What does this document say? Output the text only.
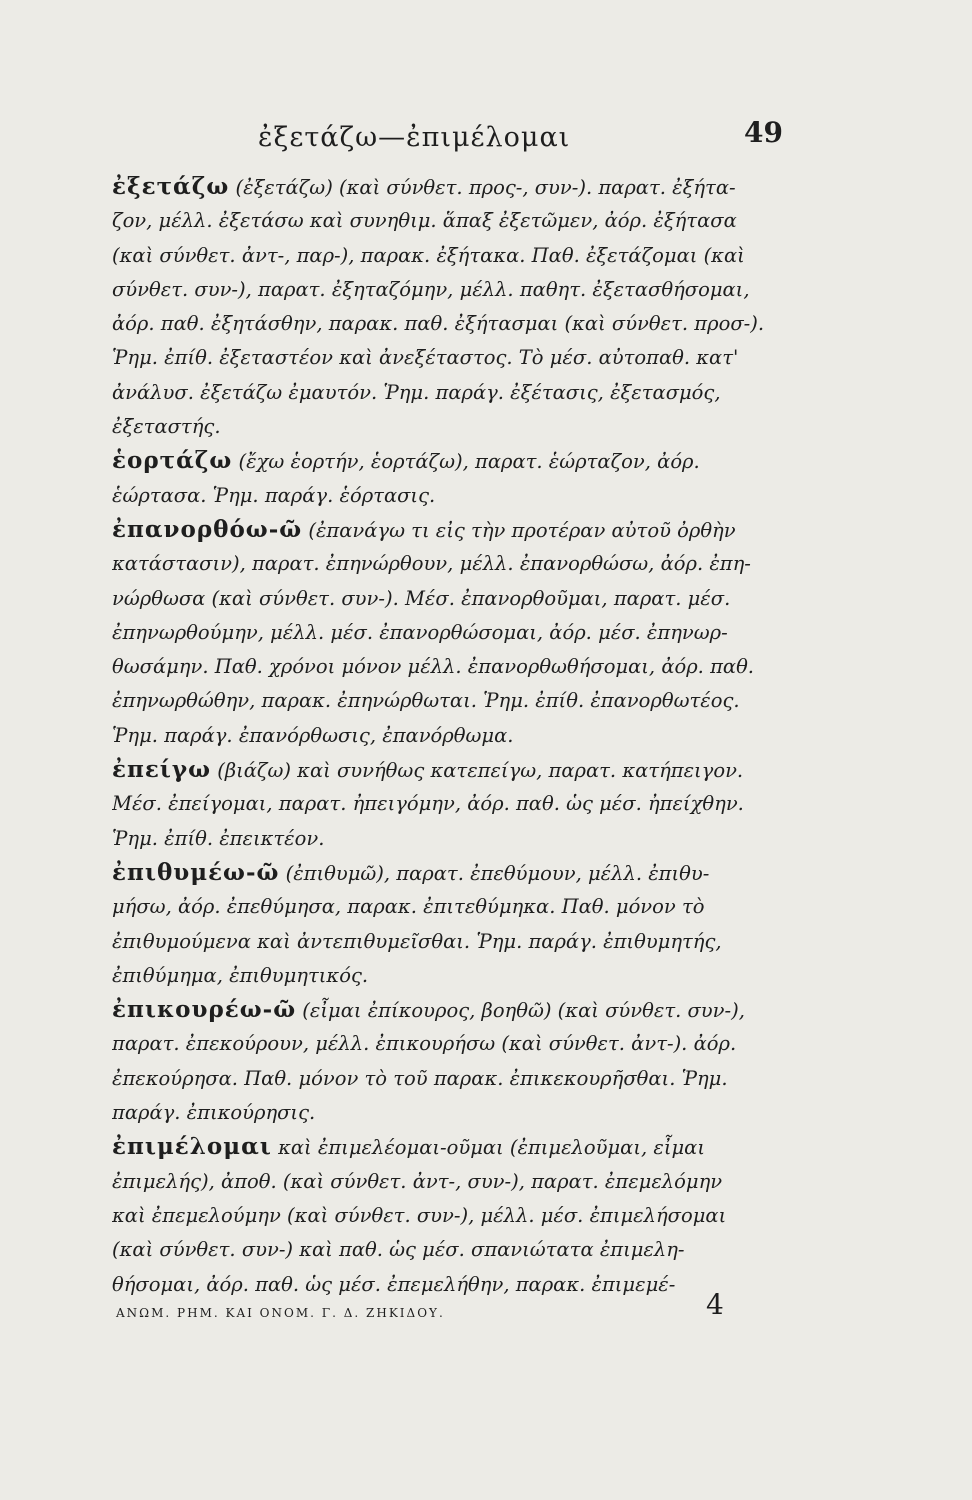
ἐξετάζω—ἐπιμέλομαι	49
ἐξετάζω (ἐξετάζω) (καὶ σύνθετ. προς-, συν-). παρατ. ἐξήτα-
ζον, μέλλ. ἐξετάσω καὶ συνηθιμ. ἅπαξ ἐξετῶμεν, ἀόρ. ἐξήτασα
(καὶ σύνθετ. ἀντ-, παρ-), παρακ. ἐξήτακα. Παθ. ἐξετάζομαι (καὶ
σύνθετ. συν-), παρατ. ἐξηταζόμην, μέλλ. παθητ. ἐξετασθήσομαι,
ἀόρ. παθ. ἐξητάσθην, παρακ. παθ. ἐξήτασμαι (καὶ σύνθετ. προσ-).
Ῥημ. ἐπίθ. ἐξεταστέον καὶ ἀνεξέταστος. Τὸ μέσ. αὐτοπαθ. κατ'
ἀνάλυσ. ἐξετάζω ἐμαυτόν. Ῥημ. παράγ. ἐξέτασις, ἐξετασμός,
ἐξεταστής.
ἑορτάζω (ἔχω ἑορτήν, ἑορτάζω), παρατ. ἑώρταζον, ἀόρ.
ἑώρτασα. Ῥημ. παράγ. ἑόρτασις.
ἐπανορθόω-ῶ (ἐπανάγω τι εἰς τὴν προτέραν αὐτοῦ ὀρθὴν
κατάστασιν), παρατ. ἐπηνώρθουν, μέλλ. ἐπανορθώσω, ἀόρ. ἐπη-
νώρθωσα (καὶ σύνθετ. συν-). Μέσ. ἐπανορθοῦμαι, παρατ. μέσ.
ἐπηνωρθούμην, μέλλ. μέσ. ἐπανορθώσομαι, ἀόρ. μέσ. ἐπηνωρ-
θωσάμην. Παθ. χρόνοι μόνον μέλλ. ἐπανορθωθήσομαι, ἀόρ. παθ.
ἐπηνωρθώθην, παρακ. ἐπηνώρθωται. Ῥημ. ἐπίθ. ἐπανορθωτέος.
Ῥημ. παράγ. ἐπανόρθωσις, ἐπανόρθωμα.
ἐπείγω (βιάζω) καὶ συνήθως κατεπείγω, παρατ. κατήπειγον.
Μέσ. ἐπείγομαι, παρατ. ἠπειγόμην, ἀόρ. παθ. ὡς μέσ. ἠπείχθην.
Ῥημ. ἐπίθ. ἐπεικτέον.
ἐπιθυμέω-ῶ (ἐπιθυμῶ), παρατ. ἐπεθύμουν, μέλλ. ἐπιθυ-
μήσω, ἀόρ. ἐπεθύμησα, παρακ. ἐπιτεθύμηκα. Παθ. μόνον τὸ
ἐπιθυμούμενα καὶ ἀντεπιθυμεῖσθαι. Ῥημ. παράγ. ἐπιθυμητής,
ἐπιθύμημα, ἐπιθυμητικός.
ἐπικουρέω-ῶ (εἶμαι ἐπίκουρος, βοηθῶ) (καὶ σύνθετ. συν-),
παρατ. ἐπεκούρουν, μέλλ. ἐπικουρήσω (καὶ σύνθετ. ἀντ-). ἀόρ.
ἐπεκούρησα. Παθ. μόνον τὸ τοῦ παρακ. ἐπικεκουρῆσθαι. Ῥημ.
παράγ. ἐπικούρησις.
ἐπιμέλομαι καὶ ἐπιμελέομαι-οῦμαι (ἐπιμελοῦμαι, εἶμαι
ἐπιμελής), ἀποθ. (καὶ σύνθετ. ἀντ-, συν-), παρατ. ἐπεμελόμην
καὶ ἐπεμελούμην (καὶ σύνθετ. συν-), μέλλ. μέσ. ἐπιμελήσομαι
(καὶ σύνθετ. συν-) καὶ παθ. ὡς μέσ. σπανιώτατα ἐπιμελη-
θήσομαι, ἀόρ. παθ. ὡς μέσ. ἐπεμελήθην, παρακ. ἐπιμεμέ-
ΑΝΩΜ. ΡΗΜ. ΚΑΙ ΟΝΟΜ. Γ. Δ. ΖΗΚΙΔΟΥ.	4
